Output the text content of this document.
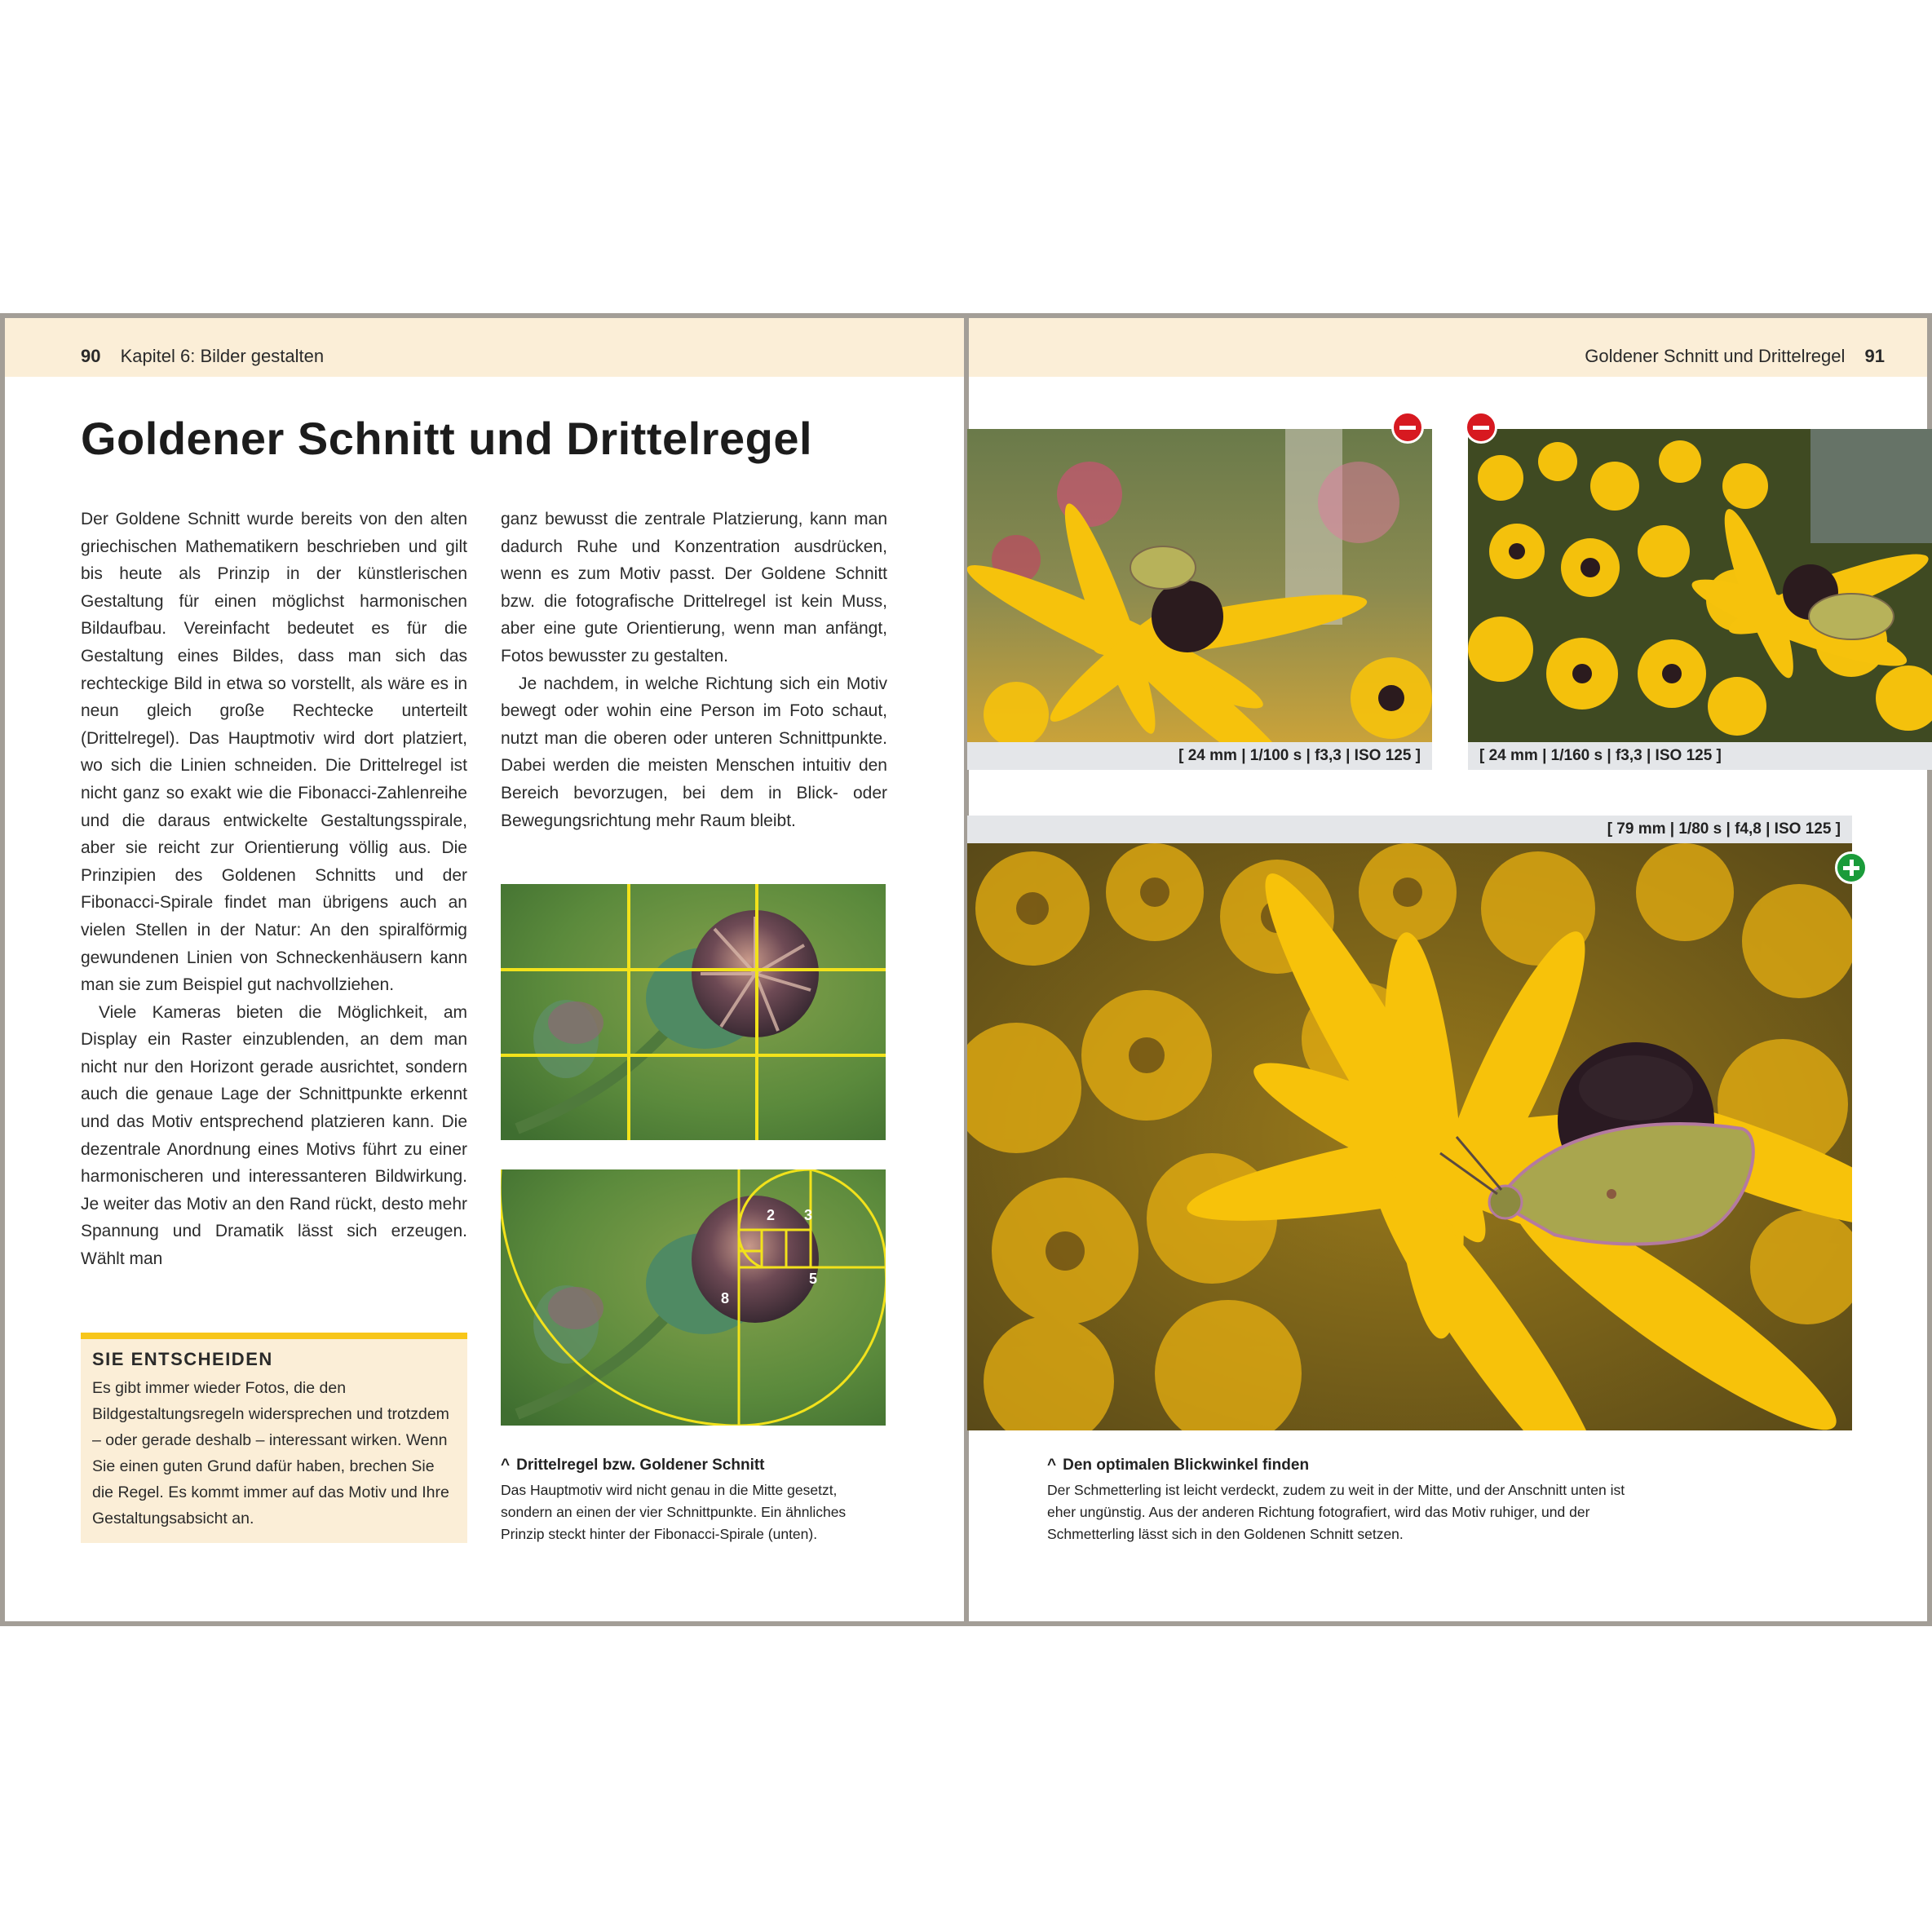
90 Kapitel 6: Bilder gestalten
Goldener Schnitt und Drittelregel

Der Goldene Schnitt wurde bereits von den alten griechischen Mathematikern beschrieben und gilt bis heute als Prinzip in der künstlerischen Gestaltung für einen möglichst harmonischen Bildaufbau. Vereinfacht bedeutet es für die Gestaltung eines Bildes, dass man sich das rechteckige Bild in etwa so vorstellt, als wäre es in neun gleich große Rechtecke unterteilt (Drittelregel). Das Hauptmotiv wird dort platziert, wo sich die Linien schneiden. Die Drittelregel ist nicht ganz so exakt wie die Fibonacci-Zahlenreihe und die daraus entwickelte Gestaltungsspirale, aber sie reicht zur Orientierung völlig aus. Die Prinzipien des Goldenen Schnitts und der Fibonacci-Spirale findet man übrigens auch an vielen Stellen in der Natur: An den spiralförmig gewundenen Linien von Schneckenhäusern kann man sie zum Beispiel gut nachvollziehen.

Viele Kameras bieten die Möglichkeit, am Display ein Raster einzublenden, an dem man nicht nur den Horizont gerade ausrichtet, sondern auch die genaue Lage der Schnittpunkte erkennt und das Motiv entsprechend platzieren kann. Die dezentrale Anordnung eines Motivs führt zu einer harmonischeren und interessanteren Bildwirkung. Je weiter das Motiv an den Rand rückt, desto mehr Spannung und Dramatik lässt sich erzeugen. Wählt man

ganz bewusst die zentrale Platzierung, kann man dadurch Ruhe und Konzentration ausdrücken, wenn es zum Motiv passt. Der Goldene Schnitt bzw. die fotografische Drittelregel ist kein Muss, aber eine gute Orientierung, wenn man anfängt, Fotos bewusster zu gestalten.

Je nachdem, in welche Richtung sich ein Motiv bewegt oder wohin eine Person im Foto schaut, nutzt man die oberen oder unteren Schnittpunkte. Dabei werden die meisten Menschen intuitiv den Bereich bevorzugen, bei dem in Blick- oder Bewegungsrichtung mehr Raum bleibt.

SIE ENTSCHEIDEN

Es gibt immer wieder Fotos, die den Bildgestaltungsregeln widersprechen und trotzdem – oder gerade deshalb – interessant wirken. Wenn Sie einen guten Grund dafür haben, brechen Sie die Regel. Es kommt immer auf das Motiv und Ihre Gestaltungsabsicht an.

2 3
5
8
^ Drittelregel bzw. Goldener Schnitt
Das Hauptmotiv wird nicht genau in die Mitte gesetzt, sondern an einen der vier Schnittpunkte. Ein ähnliches Prinzip steckt hinter der Fibonacci-Spirale (unten).
Goldener Schnitt und Drittelregel 91
[ 24 mm | 1/100 s | f3,3 | ISO 125 ]	[ 24 mm | 1/160 s | f3,3 | ISO 125 ]
[ 79 mm | 1/80 s | f4,8 | ISO 125 ]
^ Den optimalen Blickwinkel finden
Der Schmetterling ist leicht verdeckt, zudem zu weit in der Mitte, und der Anschnitt unten ist eher ungünstig. Aus der anderen Richtung fotografiert, wird das Motiv ruhiger, und der Schmetterling lässt sich in den Goldenen Schnitt setzen.
